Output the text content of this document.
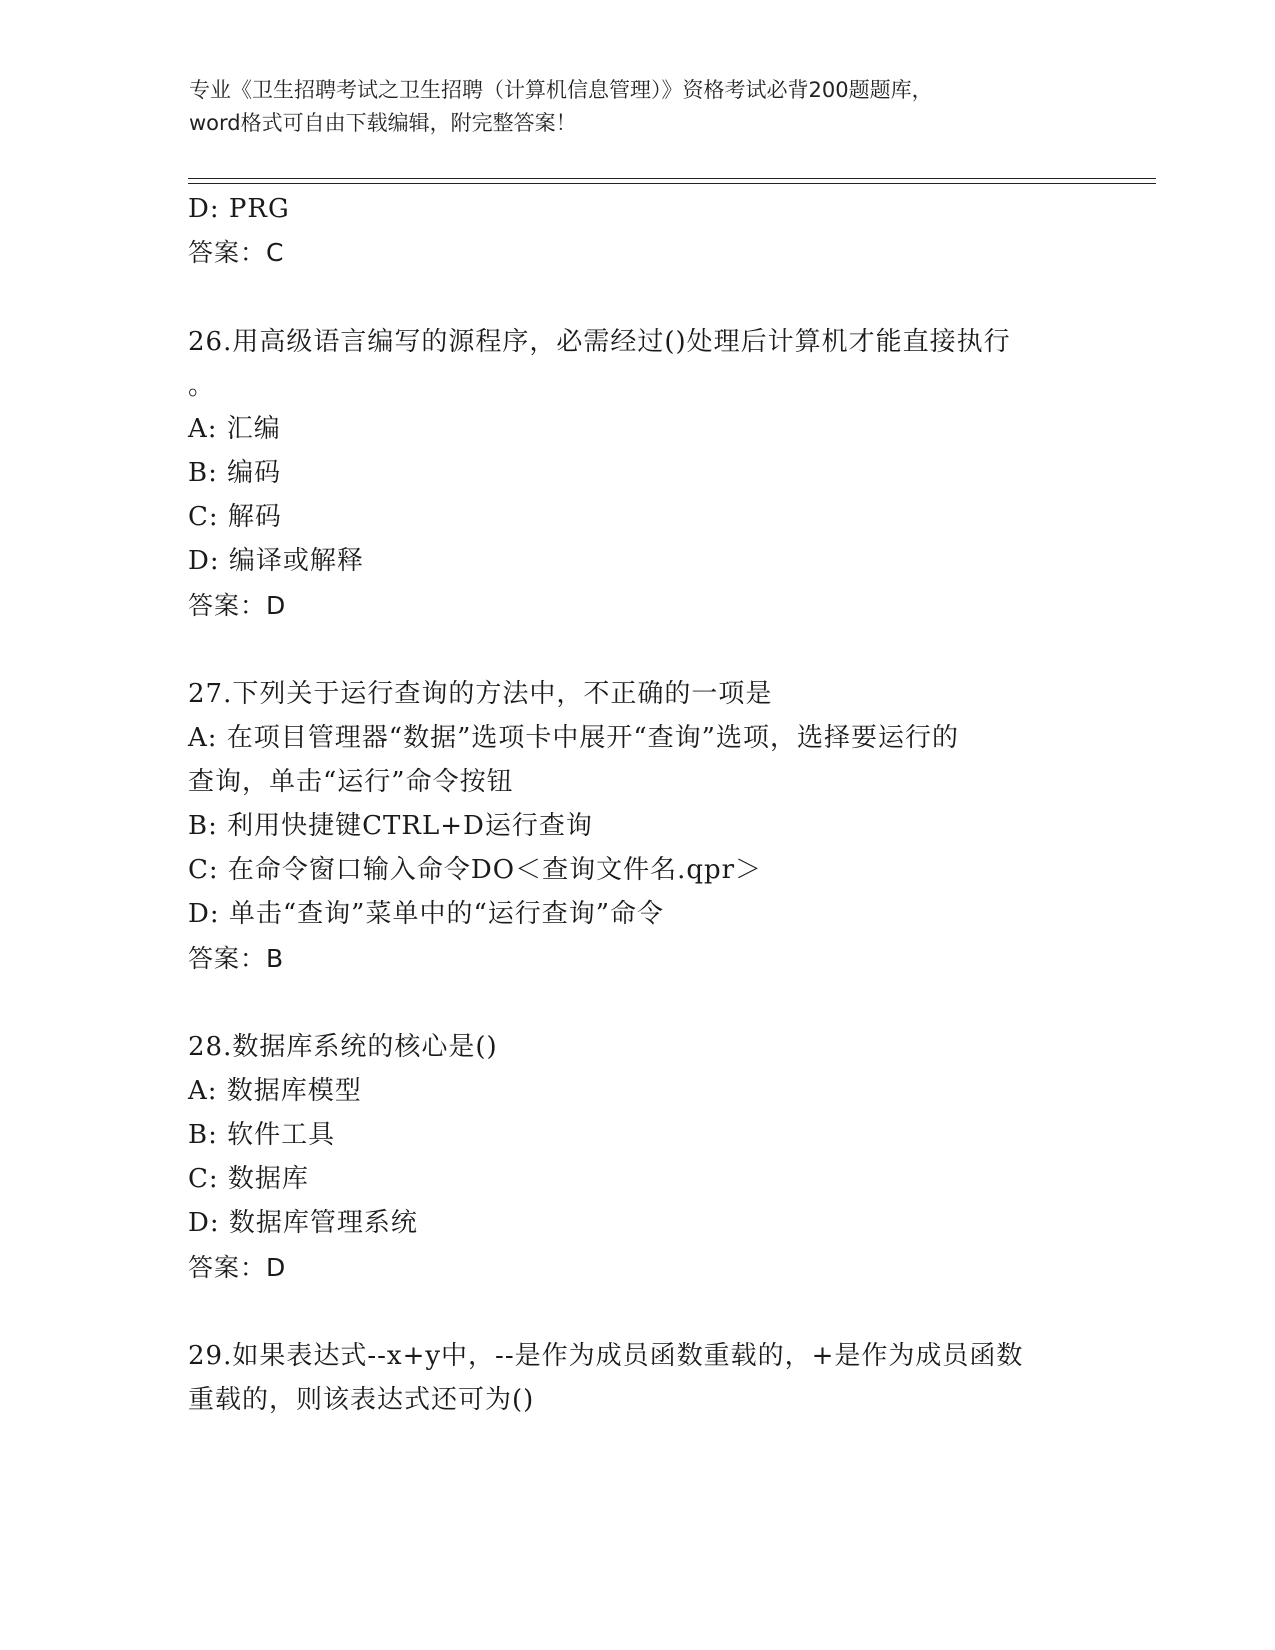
专业《卫生招聘考试之卫生招聘（计算机信息管理）》资格考试必背200题题库，
word格式可自由下载编辑，附完整答案！
D: PRG
答案：C
26.用高级语言编写的源程序，必需经过()处理后计算机才能直接执行
。
A: 汇编
B: 编码
C: 解码
D: 编译或解释
答案：D
27.下列关于运行查询的方法中，不正确的一项是
A: 在项目管理器“数据”选项卡中展开“查询”选项，选择要运行的
查询，单击“运行”命令按钮
B: 利用快捷键CTRL+D运行查询
C: 在命令窗口输入命令DO＜查询文件名.qpr＞
D: 单击“查询”菜单中的“运行查询”命令
答案：B
28.数据库系统的核心是()
A: 数据库模型
B: 软件工具
C: 数据库
D: 数据库管理系统
答案：D
29.如果表达式--x+y中，--是作为成员函数重载的，+是作为成员函数
重载的，则该表达式还可为()
